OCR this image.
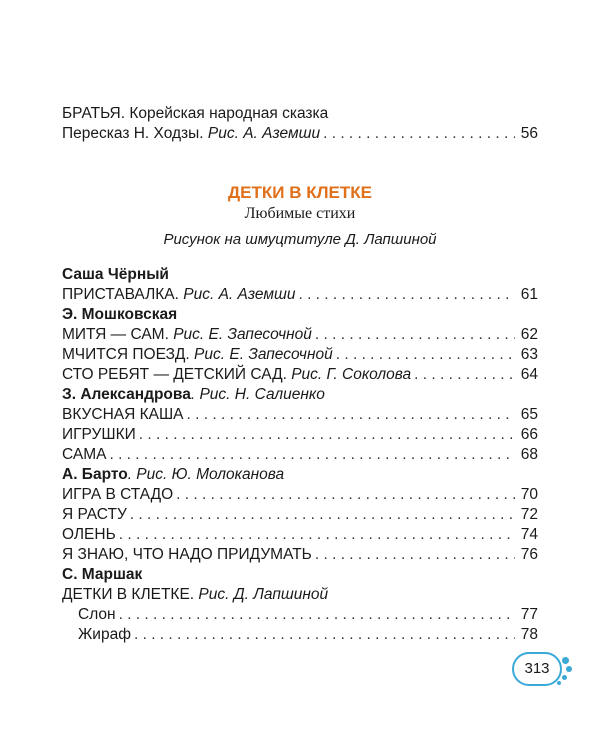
БРАТЬЯ. Корейская народная сказка
Пересказ Н. Ходзы. Рис. А. Аземши . . .	56
ДЕТКИ В КЛЕТКЕ
Любимые стихи
Рисунок на шмуцтитуле Д. Лапшиной
Саша Чёрный
ПРИСТАВАЛКА. Рис. А. Аземши . . .	61
Э. Мошковская
МИТЯ — САМ. Рис. Е. Запесочной . . .	62
МЧИТСЯ ПОЕЗД. Рис. Е. Запесочной . . .	63
СТО РЕБЯТ — ДЕТСКИЙ САД. Рис. Г. Соколова . . .	64
З. Александрова. Рис. Н. Салиенко
ВКУСНАЯ КАША . . .	65
ИГРУШКИ . . .	66
САМА . . .	68
А. Барто. Рис. Ю. Молоканова
ИГРА В СТАДО . . .	70
Я РАСТУ . . .	72
ОЛЕНЬ . . .	74
Я ЗНАЮ, ЧТО НАДО ПРИДУМАТЬ . . .	76
С. Маршак
ДЕТКИ В КЛЕТКЕ. Рис. Д. Лапшиной
Слон . . .	77
Жираф . . .	78
313
